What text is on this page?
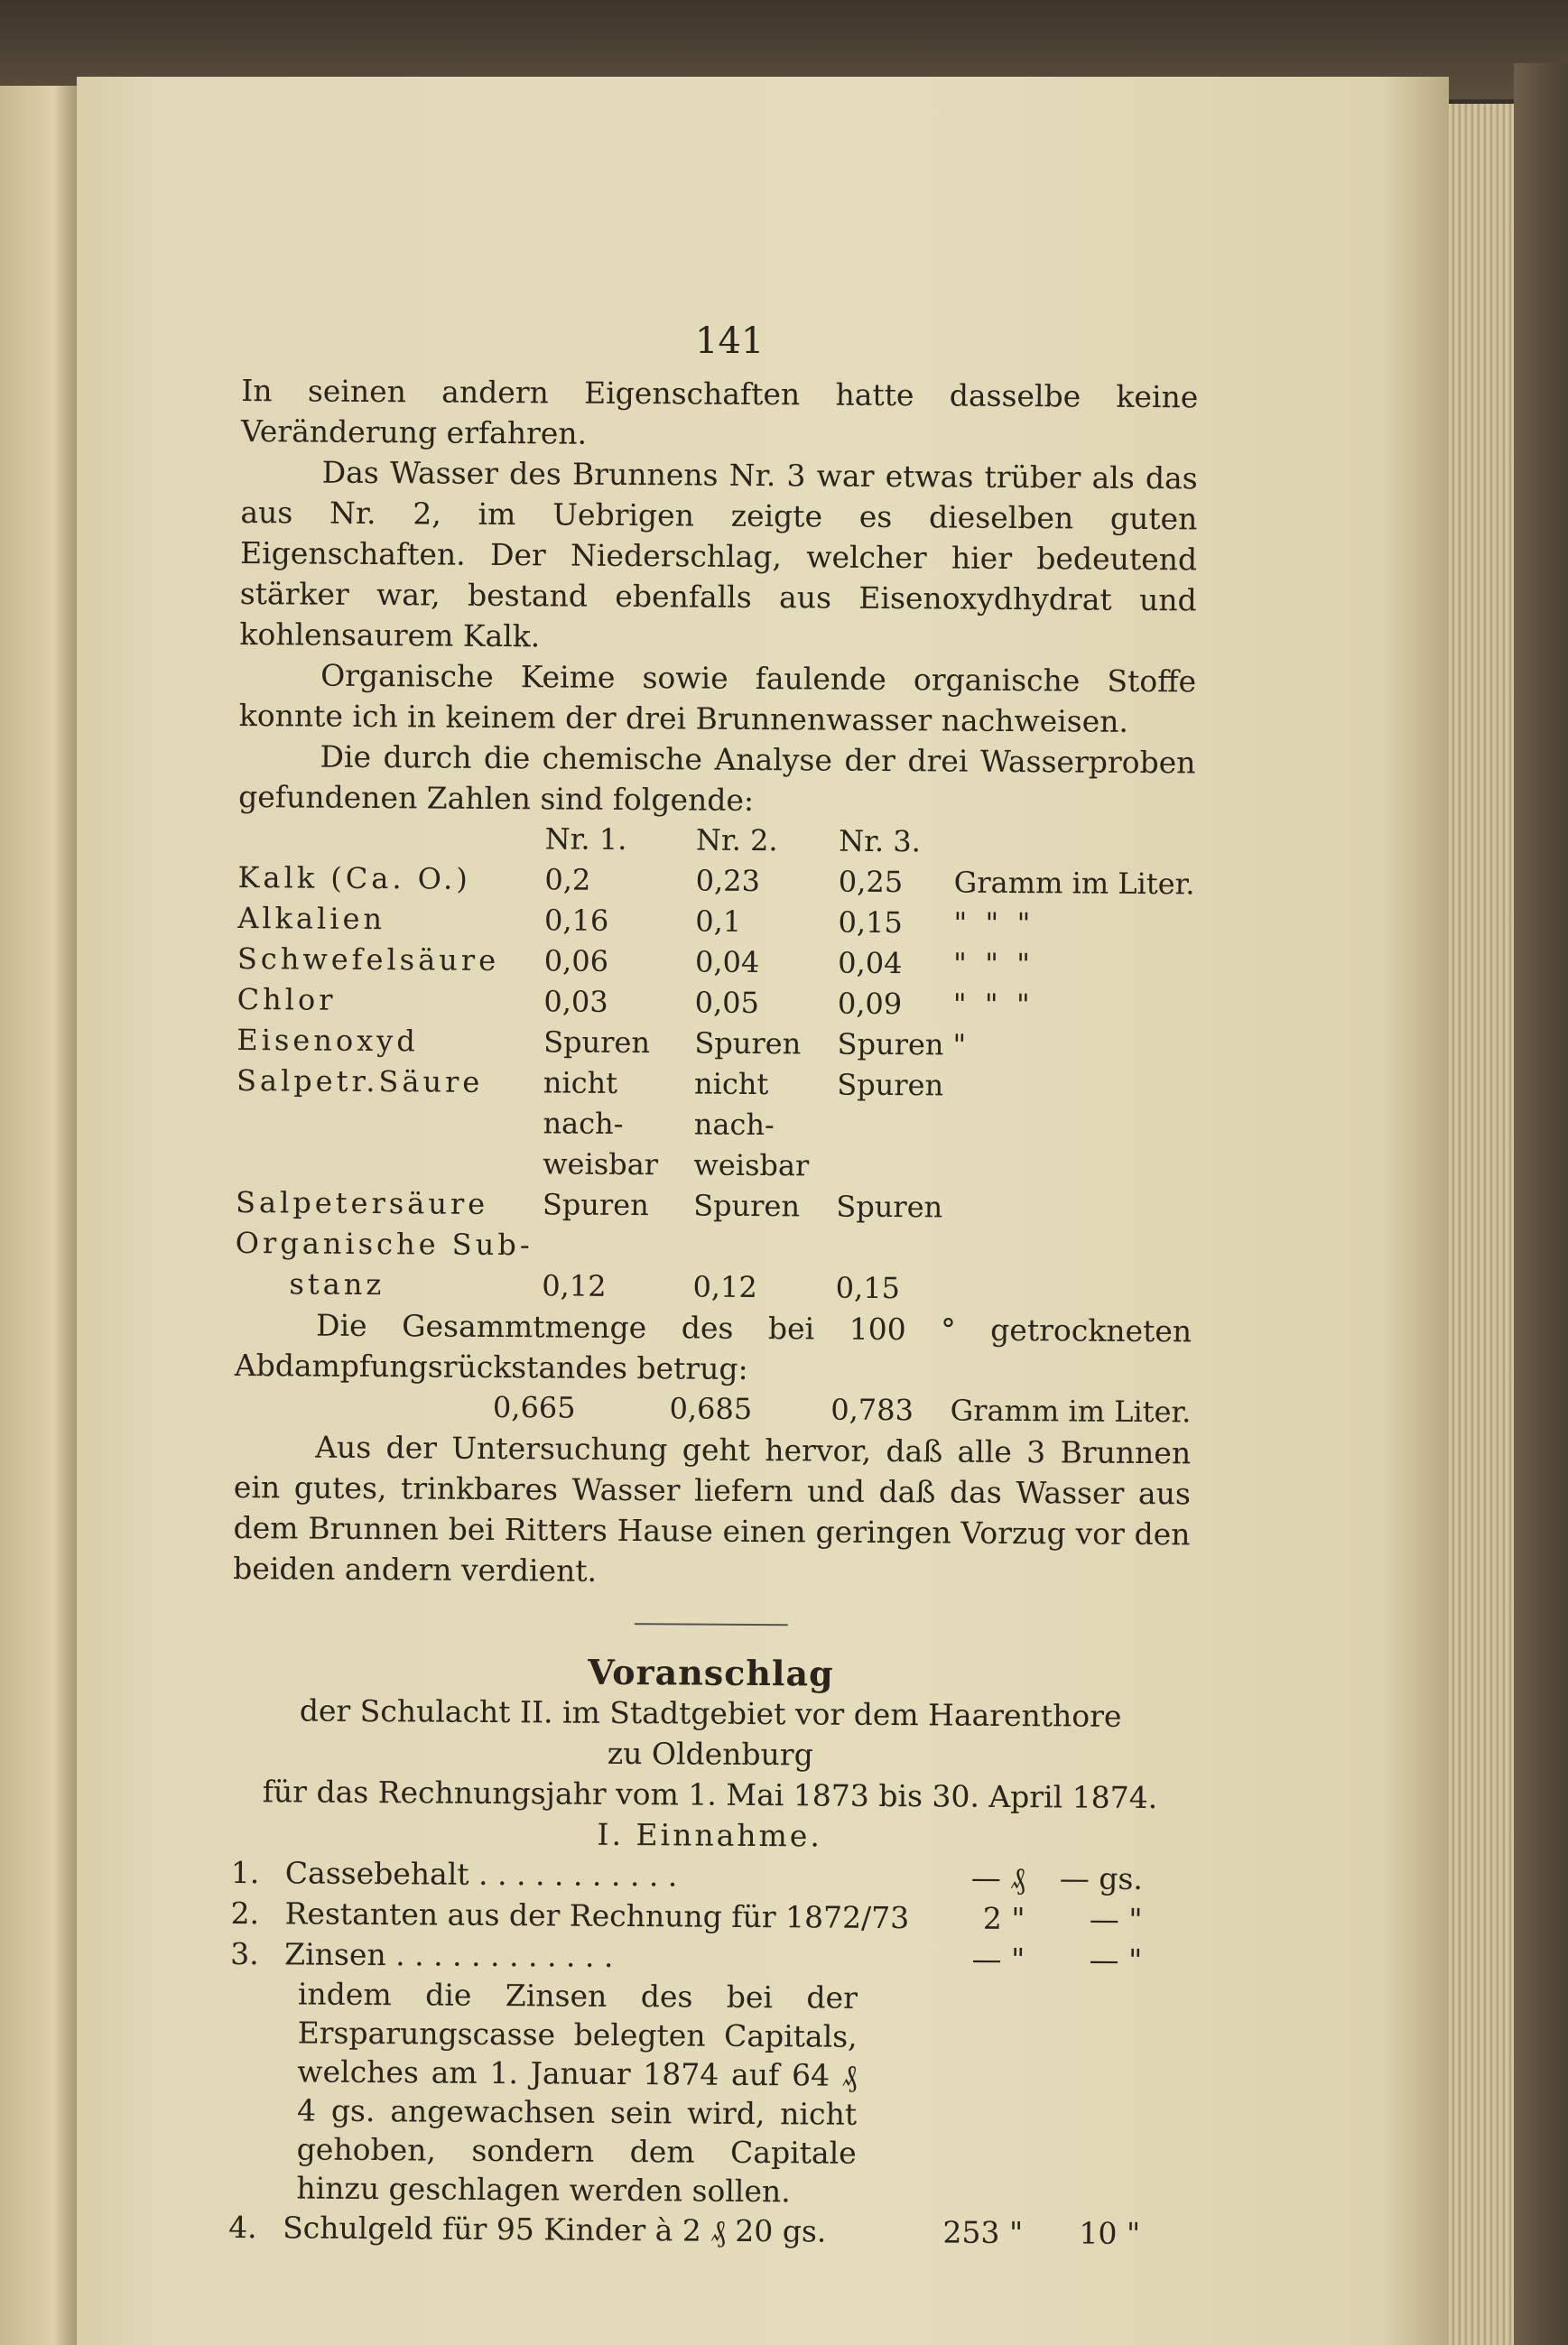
141

In seinen andern Eigenschaften hatte dasselbe keine Veränderung erfahren.

Das Wasser des Brunnens Nr. 3 war etwas trüber als das aus Nr. 2, im Uebrigen zeigte es dieselben guten Eigenschaften. Der Niederschlag, welcher hier bedeutend stärker war, bestand ebenfalls aus Eisenoxydhydrat und kohlensaurem Kalk.

Organische Keime sowie faulende organische Stoffe konnte ich in keinem der drei Brunnenwasser nachweisen.

Die durch die chemische Analyse der drei Wasserproben gefundenen Zahlen sind folgende:

	Nr. 1.	Nr. 2.	Nr. 3.	
Kalk (Ca. O.)	0,2	0,23	0,25	Gramm im Liter.
Alkalien	0,16	0,1	0,15	"  "  "
Schwefelsäure	0,06	0,04	0,04	"  "  "
Chlor	0,03	0,05	0,09	"  "  "
Eisenoxyd	Spuren	Spuren	Spuren	"
Salpetr.Säure	nicht nach-	nicht nach-	Spuren	
	weisbar	weisbar		
Salpetersäure	Spuren	Spuren	Spuren	
Organische Sub-				
stanz	0,12	0,12	0,15	

Die Gesammtmenge des bei 100 ° getrockneten Abdampfungsrückstandes betrug:

	0,665	0,685	0,783	Gramm im Liter.

Aus der Untersuchung geht hervor, daß alle 3 Brunnen ein gutes, trinkbares Wasser liefern und daß das Wasser aus dem Brunnen bei Ritters Hause einen geringen Vorzug vor den beiden andern verdient.

Voranschlag
der Schulacht II. im Stadtgebiet vor dem Haarenthore
zu Oldenburg
für das Rechnungsjahr vom 1. Mai 1873 bis 30. April 1874.
I. Einnahme.
1. Cassebehalt . . . . . . . . . . .	— ₰	— gs.
2. Restanten aus der Rechnung für 1872/73	2 "	— "
3. Zinsen . . . . . . . . . . . .	— "	— "
indem die Zinsen des bei der Ersparungscasse belegten Capitals, welches am 1. Januar 1874 auf 64 ₰ 4 gs. angewachsen sein wird, nicht gehoben, sondern dem Capitale hinzu geschlagen werden sollen.
4. Schulgeld für 95 Kinder à 2 ₰ 20 gs.	253 "	10 "
